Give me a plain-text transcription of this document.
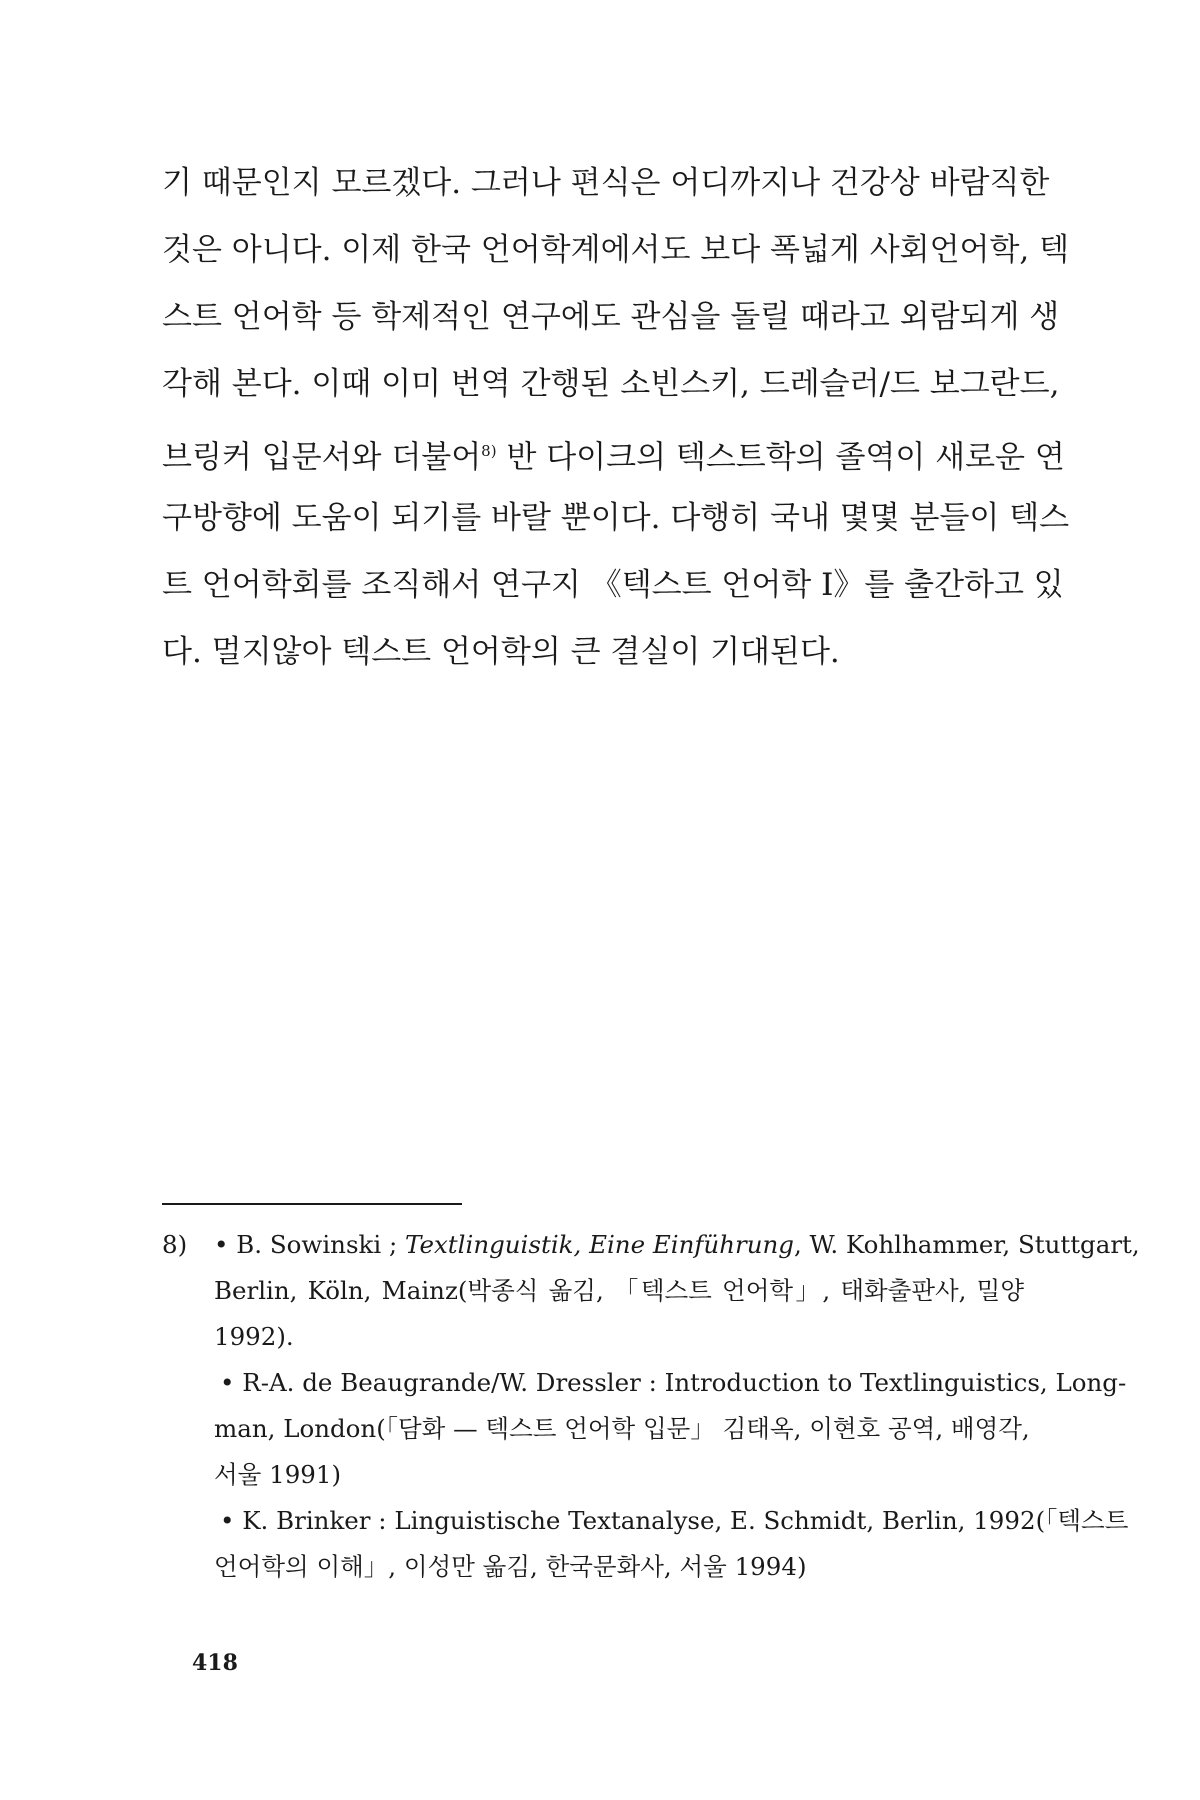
기 때문인지 모르겠다. 그러나 편식은 어디까지나 건강상 바람직한
것은 아니다. 이제 한국 언어학계에서도 보다 폭넓게 사회언어학, 텍
스트 언어학 등 학제적인 연구에도 관심을 돌릴 때라고 외람되게 생
각해 본다. 이때 이미 번역 간행된 소빈스키, 드레슬러/드 보그란드,
브링커 입문서와 더불어$^{8)}$ 반 다이크의 텍스트학의 졸역이 새로운 연
구방향에 도움이 되기를 바랄 뿐이다. 다행히 국내 몇몇 분들이 텍스
트 언어학회를 조직해서 연구지 《텍스트 언어학 Ⅰ》를 출간하고 있
다. 멀지않아 텍스트 언어학의 큰 결실이 기대된다.
8) • B. Sowinski ; Textlinguistik, Eine Einführung, W. Kohlhammer, Stuttgart,
Berlin, Köln, Mainz(박종식 옮김, 「텍스트 언어학」, 태화출판사, 밀양
1992).
• R-A. de Beaugrande/W. Dressler : Introduction to Textlinguistics, Long-
man, London(「담화 — 텍스트 언어학 입문」 김태옥, 이현호 공역, 배영각,
서울 1991)
• K. Brinker : Linguistische Textanalyse, E. Schmidt, Berlin, 1992(「텍스트
언어학의 이해」, 이성만 옮김, 한국문화사, 서울 1994)
418
